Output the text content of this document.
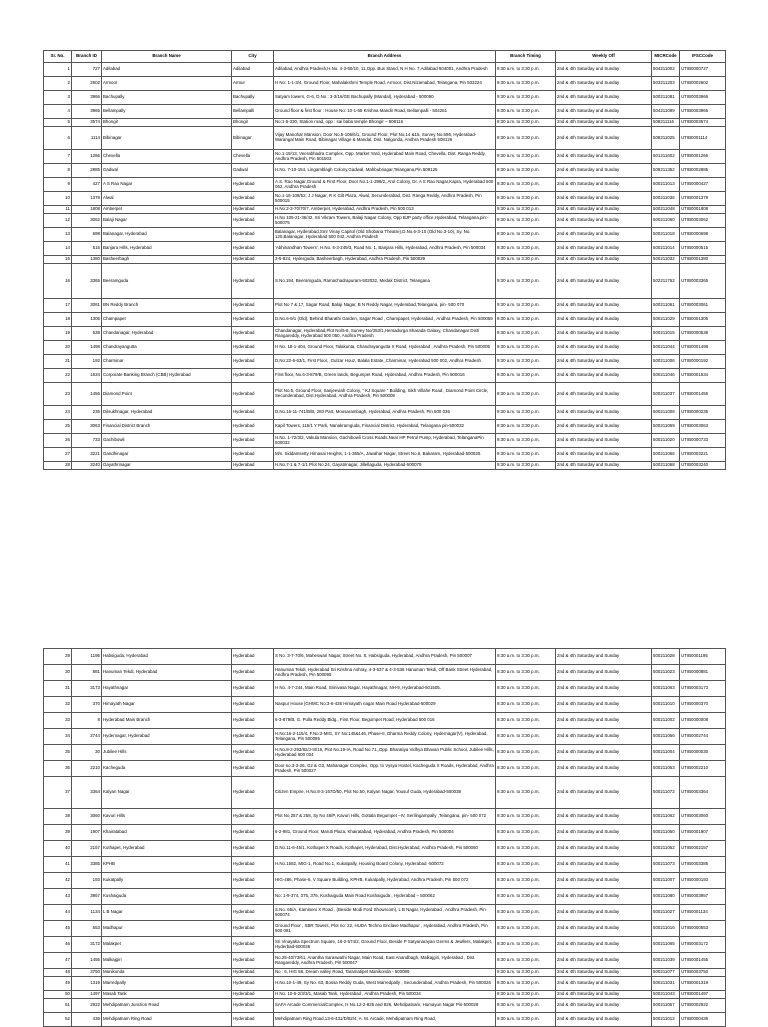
Sr. No.	Branch ID	Branch Name	City	Branch Address	Branch Timing	Weekly Off	MICRCode	IFSCCode
1	727	Adilabad	Adilabad	Adilabad, Andhra Pradesh,H.No. 4-3-60/10, 11,Opp. Bus Stand, N H No. 7,Adilabad 504001, Andhra Pradesh	9:30 a.m. to 3:30 p.m.	2nd & 4th Saturday and Sunday	504211002	UTIB0000727
2	2602	Armoor	Armur	H No: 1-1-3/4, Ground Floor, Mahalakshmi Temple Road, Armoor, Dist.Nizamabad, Telangana, Pin 503224	9:30 a.m. to 3:30 p.m.	2nd & 4th Saturday and Sunday	503211203	UTIB0002602
3	3966	Bachupally	Bachupally	Satyam towers, G-6, D.No : 3-3/16/GE Bachupally (Mandal), Hyderabad - 500090	9:30 a.m. to 3:30 p.m.	2nd & 4th Saturday and Sunday	500211081	UTIB0003966
4	3965	Bellampally	Bellampalli	Ground floor & first floor : House No: 10-1-65 Krishna Mandir Road, Bellampalli - 504251	9:30 a.m. to 3:30 p.m.	2nd & 4th Saturday and Sunday	504211099	UTIB0003965
5	3574	Bhongir	Bhongir	No:1-5-330, Station road, opp : sai baba temple Bhongir – 508116	9:30 a.m. to 3:30 p.m.	2nd & 4th Saturday and Sunday	508211116	UTIB0003574
6	1114	Bibinagar	Bibinagar	Vijay Manohar Mansion, Door No.5-105/6/1, Ground Floor, Plot No.14 &15, Survey No.596, Hyderabad-Warangal Main Road, Bibinagar Village & Mandal, Dist. Nalgonda, Andhra Pradesh 508126	9:30 a.m. to 3:30 p.m.	2nd & 4th Saturday and Sunday	508211025	UTIB0001114
7	1266	Chevella	Chevella	No.1-19/13, Veerabhadra Complex, Opp. Market Yard, Hyderabad Main Road, Chevella, Dist. Ranga Reddy, Andhra Pradesh, Pin 501503	9:30 a.m. to 3:30 p.m.	2nd & 4th Saturday and Sunday	501211602	UTIB0001266
8	2885	Gadwal	Gadwal	H.No. 7-10-154, Lingamblagh Colony,Gadwal, Mahbubnagar,Telangana,Pin 509125	9:30 a.m. to 3:30 p.m.	2nd & 4th Saturday and Sunday	509211352	UTIB0002885
9	427	A S Rao Nagar	Hyderabad	A.S. Rao Nagar,Ground & First Floor, Door No.1-1-298/2,,Arul Colony, Dr. A S Rao Nagar,Kapra, Hyderabad 500 062, Andhra Pradesh	9:30 a.m. to 3:30 p.m.	2nd & 4th Saturday and Sunday	500211013	UTIB0000427
10	1378	Alwal	Hyderabad	No.1-16-108/52, J J Nagar, R K Gilt Plaza, Alwal, Secunderabad, Dist. Ranga Reddy, Andhra Pradesh, Pin 500015	9:30 a.m. to 3:30 p.m.	2nd & 4th Saturday and Sunday	500211036	UTIB0001378
11	1808	Amberpet	Hyderabad	H.No:2-3-70/70/7, Amberpet, Hyderabad, Andhra Pradesh, Pin 500 013	9:30 a.m. to 3:30 p.m.	2nd & 4th Saturday and Sunday	500211048	UTIB0001808
12	3062	Balaji Nagar	Hyderabad	H.No 105-21-36/42, Sri Vikram Towers, Balaji Nagar Colony, Opp BJP party office,Hyderabad, Telangana,pin:- 500075	9:30 a.m. to 3:30 p.m.	2nd & 4th Saturday and Sunday	500211060	UTIB0003062
13	698	Balanagar, Hyderabad	Hyderabad	Balanagar, Hyderabad,Smr Vinay Capitol (Old Shobana Theatre),D.No.6-3-10 (Old No.3-10), Sy. No. 120,Balanagar, Hyderabad 500 042, Andhra Pradesh	9:30 a.m. to 3:30 p.m.	2nd & 4th Saturday and Sunday	500211018	UTIB0000698
14	515	Banjara Hills, Hyderabad	Hyderabad	'Abhinandhan Towers', H.No. 6-3-249/3, Road No. 1, Banjara Hills, Hyderabad, Andhra Pradesh, Pin 500034	9:30 a.m. to 3:30 p.m.	2nd & 4th Saturday and Sunday	500211014	UTIB0000515
15	1380	Basheerbagh	Hyderabad	3-5-824, Hyderguda, Basheerbagh, Hyderabad, Andhra Pradesh, Pin 500029	9:30 a.m. to 3:30 p.m.	2nd & 4th Saturday and Sunday	500211032	UTIB0001380
16	3365	Beeramguda	Hyderabad	S.No.194, Beeramguda, Ramachadrapuram-502032, Medak District, Telangana	9:30 a.m. to 3:30 p.m.	2nd & 4th Saturday and Sunday	502211762	UTIB0003365
17	3061	BN Reddy Branch	Hyderabad	Plot No 7 & 17, Sagar Road, Balaji Nagar, B N Reddy Nagar, Hyderabad,Telangana, pin- 500 070	9:30 a.m. to 3:30 p.m.	2nd & 4th Saturday and Sunday	500211061	UTIB0003061
18	1305	Champapet	Hyderabad	D.No.6-9/1 (Old), Behind Bharathi Garden, Sagar Road , Champapet, Hyderabad , Andhra Pradesh, Pin 500059	9:30 a.m. to 3:30 p.m.	2nd & 4th Saturday and Sunday	500211029	UTIB0001305
19	538	Chandanagar, Hyderabad	Hyderabad	Chandanagar, Hyderabad,Plot No/5-8, Survey No/353/1,Hemadurga Sharada Galaxy, Chandanagar Dist/ Rangareddy, Hyderabad 500 050, Andhra Pradesh	9:30 a.m. to 3:30 p.m.	2nd & 4th Saturday and Sunday	500211015	UTIB0000538
20	1498	Chandrayangutta	Hyderabad	H No. 18-1-404, Ground Floor, Talakunta, Chandrayangutta X Road, Hyderabad , Andhra Pradesh, Pin 500005	9:30 a.m. to 3:30 p.m.	2nd & 4th Saturday and Sunday	500211044	UTIB0001498
21	192	Charminar	Hyderabad	D.No:22-6-63/1, First Floor, ,Gulzar Houz, Balala Estate,,Charminar, Hyderabad 500 002, Andhra Pradesh	9:30 a.m. to 3:30 p.m.	2nd & 4th Saturday and Sunday	500211006	UTIB0000192
22	1634	Corporate Banking Branch (CBB) Hyderabad	Hyderabad	First floor, No.6-3-879/B, Green lands, Begumpet Road, Hyderabad, Andhra Pradesh, Pin 500016	9:30 a.m. to 3:30 p.m.	2nd & 4th Saturday and Sunday	500211046	UTIB0001634
23	1456	Diamond Point	Hyderabad	Plot No.5, Ground Floor, Sanjeeviah Colony, " KJ Square " Building, Sikh Villahe Road , Diamond Point Circle, Secunderabad, Dist.Hyderabad, Andhra Pradesh, Pin 500009	9:30 a.m. to 3:30 p.m.	2nd & 4th Saturday and Sunday	500211037	UTIB0001456
24	235	Dilsukhnagar, Hyderabad	Hyderabad	D.No.16-11-741/B/B, 283 Part, Moosarambagh, Hyderabad, Andhra Pradesh, Pin 500 036	9:30 a.m. to 3:30 p.m.	2nd & 4th Saturday and Sunday	500211008	UTIB0000235
25	3063	Financial District Branch	Hyderabad	Kapil Towers, 115/1 Y Park, Nanakramguda, Financial District, Hyderabad, Telangana pin-500032	9:30 a.m. to 3:30 p.m.	2nd & 4th Saturday and Sunday	500211059	UTIB0003063
26	733	Gachibowli	Hyderabad	H.No. 1-72/3/2, Vakula Mansion, Gachibowli Cross Roads,Near HP Petrol Pump, Hyderabad, TelanganaPin 500032	9:30 a.m. to 3:30 p.m.	2nd & 4th Saturday and Sunday	500211020	UTIB0000733
27	3221	Gandhinagar	Hyderabad	M/s. Siddamsetty Himasai Heights, 1-1-365/A, Jawahar Nagar, Street No.6, Bakaram, Hyderabad-500020.	9:30 a.m. to 3:30 p.m.	2nd & 4th Saturday and Sunday	500211066	UTIB0003221
28	3240	Gayathrinagar	Hyderabad	H.No.7-1 & 7-1/1 Plot No.24, Gayatrinagar, Jillellaguda, Hyderabad-500079	9:30 a.m. to 3:30 p.m.	2nd & 4th Saturday and Sunday	500211068	UTIB0003240
29	1195	Habsiguda, Hyderabad	Hyderabad	S No. 3-7-70/6, Maheswari Nagar, Street No. 8, Habsiguda, Hyderabad, Andhra Pradesh, Pin 500007	9:30 a.m. to 3:30 p.m.	2nd & 4th Saturday and Sunday	500211028	UTIB0001195
30	881	Hanuman Tekdi, Hyderabad	Hyderabad	Hanuman Tekdi, Hyderabad Sri Krishna Ashray, 4-3-537 & 4-3-536 Hanuman Tekdi, Off Bank Street Hyderabad, Andhra Pradesh, Pin 500095	9:30 a.m. to 3:30 p.m.	2nd & 4th Saturday and Sunday	500211023	UTIB0000881
31	3173	Hayathnagar	Hyderabad	H No. 4-7-244, Main Road, Srinivasa Nagar, Hayathnagar, NH-9, Hyderabad-501505.	9:30 a.m. to 3:30 p.m.	2nd & 4th Saturday and Sunday	500211063	UTIB0003173
32	370	Himayath Nagar	Hyderabad	Naspur House |GHMC No:3-6-436 Himayath nagar Main Road Hyderabad-500029	9:30 a.m. to 3:30 p.m.	2nd & 4th Saturday and Sunday	500211010	UTIB0000370
33	8	Hyderabad Main Branch	Hyderabad	6-3-879/B, G. Pulla Reddy Bldg., First Floor, Begumpet Road, Hyderabad 500 016	9:30 a.m. to 3:30 p.m.	2nd & 4th Saturday and Sunday	500211002	UTIB0000008
34	2744	Hydernagar, Hyderabad	Hyderabad	H.No:16-2-115/4, F.No:2-MIG, SY No:145&146, Phase-II, Dharma Reddy Colony, Hydernagar(V), Hyderabad, Telangana, Pin 500085	9:30 a.m. to 3:30 p.m.	2nd & 4th Saturday and Sunday	500211056	UTIB0002744
35	30	Jubilee Hills	Hyderabad	H.No.8-2-293/82/J-III/19, Plot No.19-IA, Road No.71,,Opp. Bharatiya Vidhya Bhavan Public School, Jubilee Hills, Hyderabad 500 034	9:30 a.m. to 3:30 p.m.	2nd & 4th Saturday and Sunday	500211004	UTIB0000030
36	2210	Kacheguda	Hyderabad	Door no.3-3-26, G2 & G3, Mahanagar Complex, Opp. to Vysya Hostel, Kacheguda X Roads, Hyderabad, Andhra Pradesh, Pin 500027	9:30 a.m. to 3:30 p.m.	2nd & 4th Saturday and Sunday	500211053	UTIB0002210
37	3364	Kalyan Nagar	Hyderabad	Citizen Empire, H.No.8-3-167D/50, Plot No.50, Kalyan Nagar, Yousuf Guda, Hyderabad-500038	9:30 a.m. to 3:30 p.m.	2nd & 4th Saturday and Sunday	500211072	UTIB0003364
38	3060	Kavuri Hills	Hyderabad	Plot No 257 & 258, Sy No 46/P, Kavuri Hills, Gottala Begumpet –IV, Serilingampally ,Telangana, pin- 500 072	9:30 a.m. to 3:30 p.m.	2nd & 4th Saturday and Sunday	500211062	UTIB0003060
39	1907	Khairatabad	Hyderabad	6-2-981, Ground Floor, Maruti Plaza, Khairatabad, Hyderabad, Andhra Pradesh, Pin 500004	9:30 a.m. to 3:30 p.m.	2nd & 4th Saturday and Sunday	500211050	UTIB0001907
40	2157	Kothapet, Hyderabad	Hyderabad	D.No.11-6-45/1, Kothapet X Roads, Kothapet, Hyderabad, Dist.Hyderabad, Andhra Pradesh, Pin 500060	9:30 a.m. to 3:30 p.m.	2nd & 4th Saturday and Sunday	500211052	UTIB0002157
41	3385	KPHB	Hyderabad	H.No.1582, MIG-1, Road No.1, Kukatpally, Housing Board Colony, Hyderabad -500072	9:30 a.m. to 3:30 p.m.	2nd & 4th Saturday and Sunday	500211073	UTIB0003385
42	193	Kukatpally	Hyderabad	HIG-486, Phase-6, V Square Building, KPHB, Kukatpally, Hyderabad, Andhra Pradesh, Pin 500 072	9:30 a.m. to 3:30 p.m.	2nd & 4th Saturday and Sunday	500211007	UTIB0000193
43	3957	Kushaiguda	Hyderabad	No: 1-9-374, 375, 376, Kushaiguda Main Road Kushaiguda , Hyderabad – 500062	9:30 a.m. to 3:30 p.m.	2nd & 4th Saturday and Sunday	500211080	UTIB0003957
44	1134	L B Nagar	Hyderabad	S.No. 66/A, Kamineni X Road , (Beside Modi Ford Showroom), L B Nagar, Hyderabad , Andhra Pradesh, Pin 500074	9:30 a.m. to 3:30 p.m.	2nd & 4th Saturday and Sunday	500211027	UTIB0001134
45	553	Madhapur	Hyderabad	Ground Floor , SBR Towers, Plot no: 22, HUDA Techno Enclave Madhapur , Hyderabad, Andhra Pradesh, Pin 500 081	9:30 a.m. to 3:30 p.m.	2nd & 4th Saturday and Sunday	500211016	UTIB0000553
46	3172	Malakpet	Hyderabad	Sri Vinayaka Spectrum Square, 16-2-674/2, Ground Floor, Beside P Satyanarayan Germs & Jewllers, Malakpet, Hyderbad-500036	9:30 a.m. to 3:30 p.m.	2nd & 4th Saturday and Sunday	500211065	UTIB0003172
47	1455	Malkajgiri	Hyderabad	No.25-40/73/61, Anantha Saraswathi Nagar, Main Road, East Anandbagh, Malkajgiri, Hyderabad , Dist. Rangareddy, Andhra Pradesh, Pin 500047	9:30 a.m. to 3:30 p.m.	2nd & 4th Saturday and Sunday	500211039	UTIB0001455
48	3750	Manikonda	Hyderabad	No : 6, HIG 58, Dream valley Road, Taramatipet Manikonda - 500089	9:30 a.m. to 3:30 p.m.	2nd & 4th Saturday and Sunday	500211077	UTIB0003750
49	1319	Marredpally	Hyderabad	H.No.10-1-49, Sy No. 63, Bossa Reddy Guda, West Marredpally , Secunderabad, Andhra Pradesh, Pin 500026	9:30 a.m. to 3:30 p.m.	2nd & 4th Saturday and Sunday	500211031	UTIB0001319
50	1497	Masab Tank	Hyderabad	H No. 10-5-2/3/3/1, Masab Tank, Hyderabad , Andhra Pradesh, Pin 500034	9:30 a.m. to 3:30 p.m.	2nd & 4th Saturday and Sunday	500211043	UTIB0001497
51	2922	Mehdipatnam Junction Road	Hyderabad	SAFA Arcade CommercialComplex, H No.12-2-825 and 826, Mehdipatnam, Humayun Nagar Pin-500028	9:30 a.m. to 3:30 p.m.	2nd & 4th Saturday and Sunday	500211057	UTIB0002922
52	436	Mehdipatnam Ring Road	Hyderabad	Mehdipatnam Ring Road,13-6-431/D/82/4, A. M. Arcade, Mehdipatnam Ring Road,	9:30 a.m. to 3:30 p.m.	2nd & 4th Saturday and Sunday	500211012	UTIB0000436
